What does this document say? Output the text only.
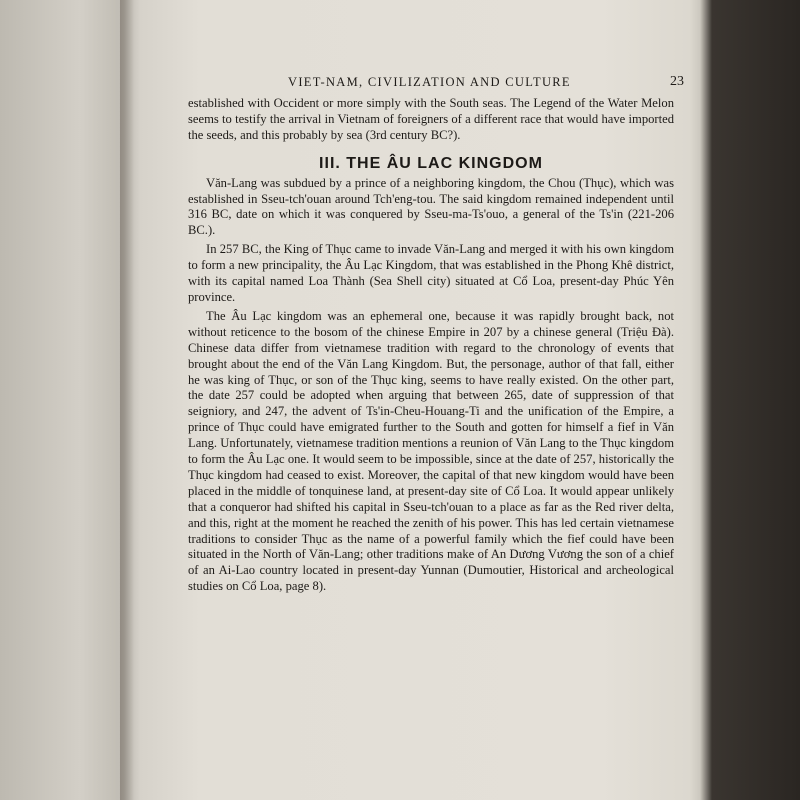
VIET-NAM, CIVILIZATION AND CULTURE	23

established with Occident or more simply with the South seas. The Legend of the Water Melon seems to testify the arrival in Vietnam of foreigners of a different race that would have imported the seeds, and this probably by sea (3rd century BC?).

III. THE ÂU LAC KINGDOM

Văn-Lang was subdued by a prince of a neighboring kingdom, the Chou (Thục), which was established in Sseu-tch'ouan around Tch'eng-tou. The said kingdom remained independent until 316 BC, date on which it was conquered by Sseu-ma-Ts'ouo, a general of the Ts'in (221-206 BC.).

In 257 BC, the King of Thục came to invade Văn-Lang and merged it with his own kingdom to form a new principality, the Âu Lạc Kingdom, that was established in the Phong Khê district, with its capital named Loa Thành (Sea Shell city) situated at Cổ Loa, present-day Phúc Yên province.

The Âu Lạc kingdom was an ephemeral one, because it was rapidly brought back, not without reticence to the bosom of the chinese Empire in 207 by a chinese general (Triệu Đà). Chinese data differ from vietnamese tradition with regard to the chronology of events that brought about the end of the Văn Lang Kingdom. But, the personage, author of that fall, either he was king of Thục, or son of the Thục king, seems to have really existed. On the other part, the date 257 could be adopted when arguing that between 265, date of suppression of that seigniory, and 247, the advent of Ts'in-Cheu-Houang-Ti and the unification of the Empire, a prince of Thục could have emigrated further to the South and gotten for himself a fief in Văn Lang. Unfortunately, vietnamese tradition mentions a reunion of Văn Lang to the Thục kingdom to form the Âu Lạc one. It would seem to be impossible, since at the date of 257, historically the Thục kingdom had ceased to exist. Moreover, the capital of that new kingdom would have been placed in the middle of tonquinese land, at present-day site of Cổ Loa. It would appear unlikely that a conqueror had shifted his capital in Sseu-tch'ouan to a place as far as the Red river delta, and this, right at the moment he reached the zenith of his power. This has led certain vietnamese traditions to consider Thục as the name of a powerful family which the fief could have been situated in the North of Văn-Lang; other traditions make of An Dương Vương the son of a chief of an Ai-Lao country located in present-day Yunnan (Dumoutier, Historical and archeological studies on Cổ Loa, page 8).
